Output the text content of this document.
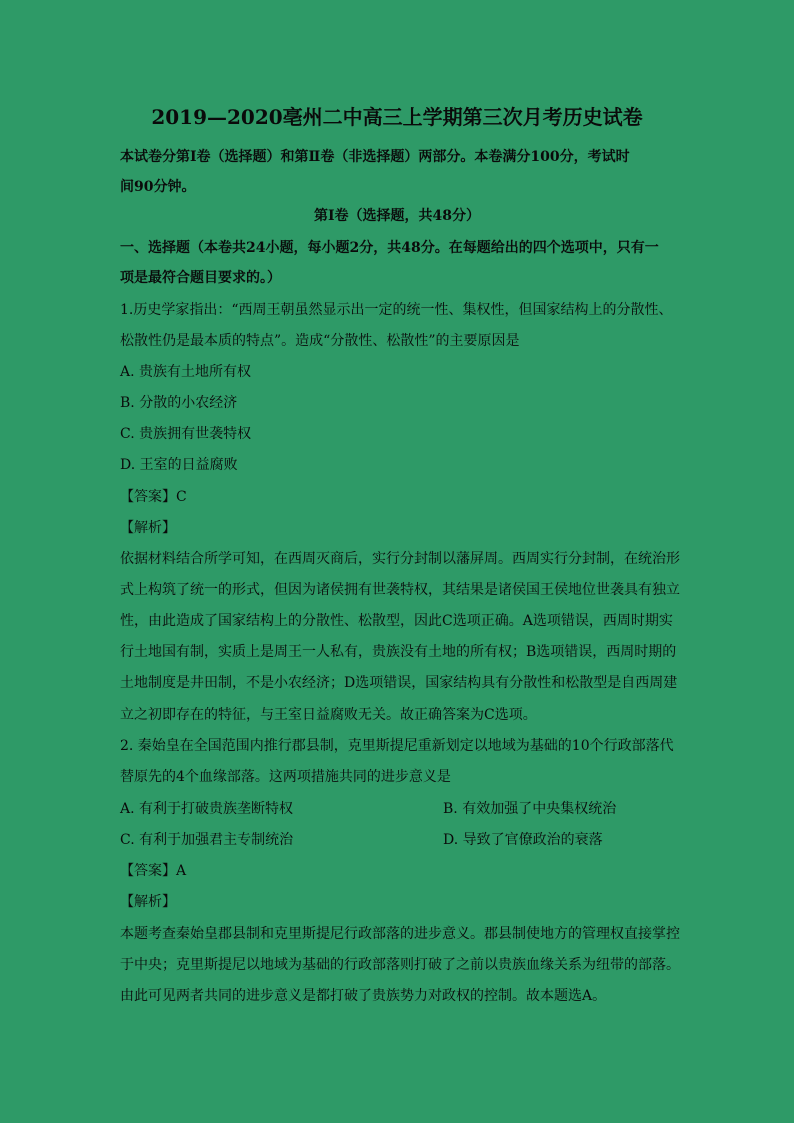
2019—2020亳州二中高三上学期第三次月考历史试卷
本试卷分第Ⅰ卷（选择题）和第Ⅱ卷（非选择题）两部分。本卷满分100分，考试时
间90分钟。
第Ⅰ卷（选择题，共48分）
一、选择题（本卷共24小题，每小题2分，共48分。在每题给出的四个选项中，只有一
项是最符合题目要求的。）
1.历史学家指出：“西周王朝虽然显示出一定的统一性、集权性，但国家结构上的分散性、
松散性仍是最本质的特点”。造成“分散性、松散性”的主要原因是
A. 贵族有土地所有权
B. 分散的小农经济
C. 贵族拥有世袭特权
D. 王室的日益腐败
【答案】C
【解析】
依据材料结合所学可知，在西周灭商后，实行分封制以藩屏周。西周实行分封制，在统治形
式上构筑了统一的形式，但因为诸侯拥有世袭特权，其结果是诸侯国王侯地位世袭具有独立
性，由此造成了国家结构上的分散性、松散型，因此C选项正确。A选项错误，西周时期实
行土地国有制，实质上是周王一人私有，贵族没有土地的所有权；B选项错误，西周时期的
土地制度是井田制，不是小农经济；D选项错误，国家结构具有分散性和松散型是自西周建
立之初即存在的特征，与王室日益腐败无关。故正确答案为C选项。
2. 秦始皇在全国范围内推行郡县制，克里斯提尼重新划定以地域为基础的10个行政部落代
替原先的4个血缘部落。这两项措施共同的进步意义是
A. 有利于打破贵族垄断特权	B. 有效加强了中央集权统治
C. 有利于加强君主专制统治	D. 导致了官僚政治的衰落
【答案】A
【解析】
本题考查秦始皇郡县制和克里斯提尼行政部落的进步意义。郡县制使地方的管理权直接掌控
于中央；克里斯提尼以地域为基础的行政部落则打破了之前以贵族血缘关系为纽带的部落。
由此可见两者共同的进步意义是都打破了贵族势力对政权的控制。故本题选A。
